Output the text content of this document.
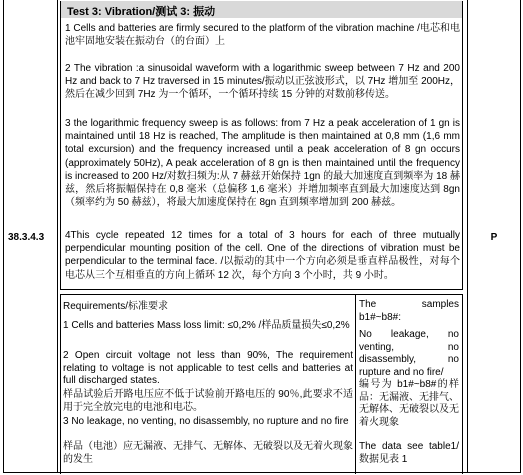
38.3.4.3
Test 3: Vibration/测试 3: 振动

1 Cells and batteries are firmly secured to the platform of the vibration machine /电芯和电池牢固地安装在振动台（的台面）上

2 The vibration :a sinusoidal waveform with a logarithmic sweep between 7 Hz and 200 Hz and back to 7 Hz traversed in 15 minutes/振动以正弦波形式，以 7Hz 增加至 200Hz，然后在减少回到 7Hz 为一个循环，一个循环持续 15 分钟的对数前移传送。

3 the logarithmic frequency sweep is as follows: from 7 Hz a peak acceleration of 1 gn is maintained until 18 Hz is reached, The amplitude is then maintained at 0,8 mm (1,6 mm total excursion) and the frequency increased until a peak acceleration of 8 gn occurs (approximately 50Hz), A peak acceleration of 8 gn is then maintained until the frequency is increased to 200 Hz/对数扫频为:从 7 赫兹开始保持 1gn 的最大加速度直到频率为 18 赫兹，然后将振幅保持在 0,8 毫米（总偏移 1,6 毫米）并增加频率直到最大加速度达到 8gn（频率约为 50 赫兹），将最大加速度保持在 8gn 直到频率增加到 200 赫兹。

4This cycle repeated 12 times for a total of 3 hours for each of three mutually perpendicular mounting position of the cell. One of the directions of vibration must be perpendicular to the terminal face. /以振动的其中一个方向必须是垂直样品极性，对每个电芯从三个互相垂直的方向上循环 12 次，每个方向 3 个小时，共 9 小时。

Requirements/标准要求

1 Cells and batteries Mass loss limit: ≤0,2% /样品质量损失≤0,2%

2 Open circuit voltage not less than 90%, The requirement relating to voltage is not applicable to test cells and batteries at full discharged states.

样品试验后开路电压应不低于试验前开路电压的 90％,此要求不适用于完全放完电的电池和电芯。

3 No leakage, no venting, no disassembly, no rupture and no fire

样品（电池）应无漏液、无排气、无解体、无破裂以及无着火现象的发生

The samples b1#~b8#:

No leakage, no venting, no disassembly, no rupture and no fire/

编号为 b1#~b8#的样品：无漏液、无排气、无解体、无破裂以及无着火现象

The data see table1/数据见表 1

P
